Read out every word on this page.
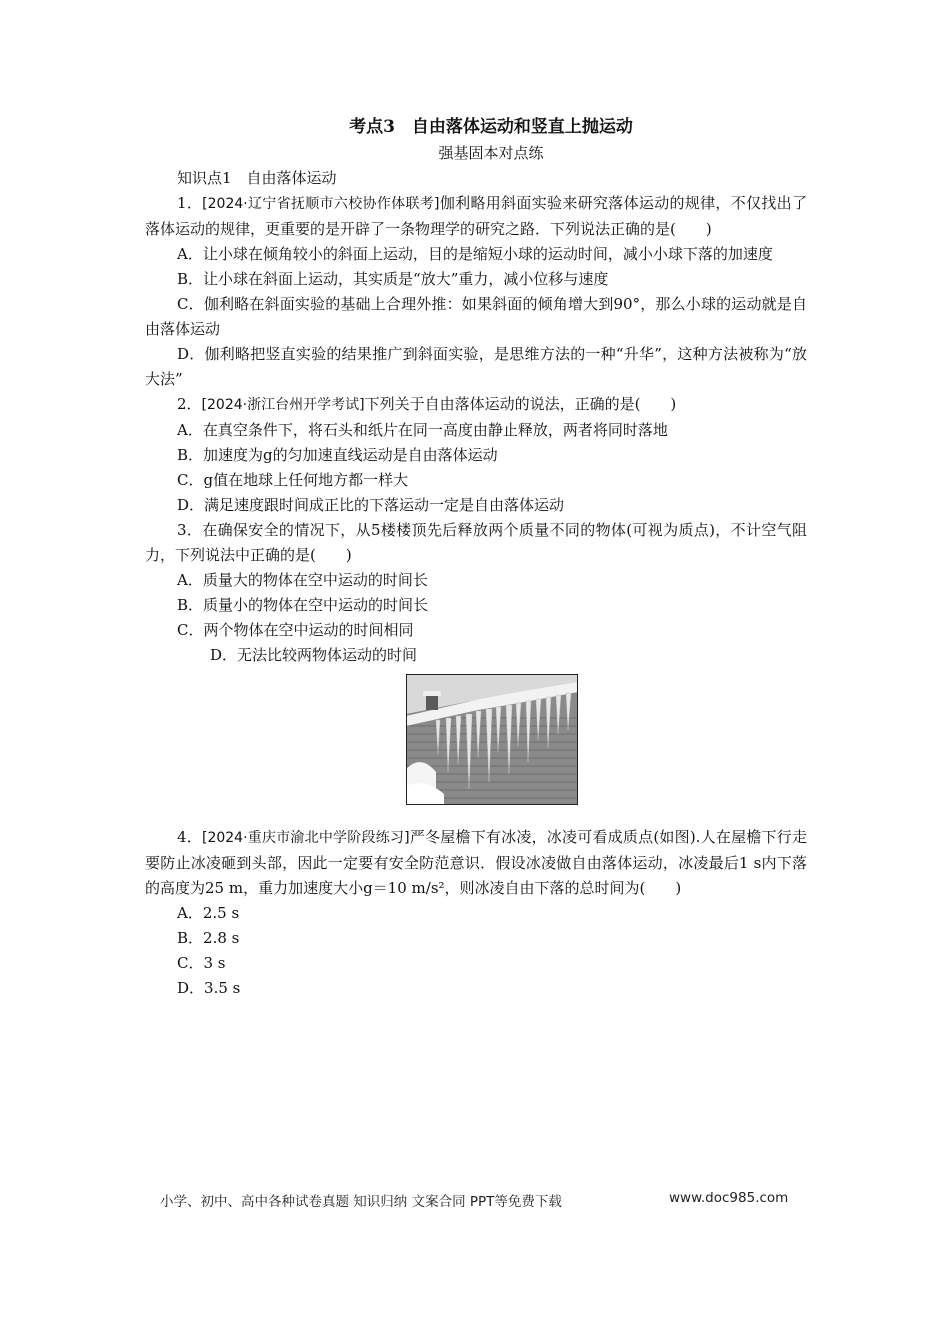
考点3　自由落体运动和竖直上抛运动
强基固本对点练
知识点1　自由落体运动

1．[2024·辽宁省抚顺市六校协作体联考]伽利略用斜面实验来研究落体运动的规律，不仅找出了落体运动的规律，更重要的是开辟了一条物理学的研究之路．下列说法正确的是(　　)

A．让小球在倾角较小的斜面上运动，目的是缩短小球的运动时间，减小小球下落的加速度

B．让小球在斜面上运动，其实质是“放大”重力，减小位移与速度

C．伽利略在斜面实验的基础上合理外推：如果斜面的倾角增大到90°，那么小球的运动就是自由落体运动

D．伽利略把竖直实验的结果推广到斜面实验，是思维方法的一种“升华”，这种方法被称为“放大法”

2．[2024·浙江台州开学考试]下列关于自由落体运动的说法，正确的是(　　)

A．在真空条件下，将石头和纸片在同一高度由静止释放，两者将同时落地

B．加速度为g的匀加速直线运动是自由落体运动

C．g值在地球上任何地方都一样大

D．满足速度跟时间成正比的下落运动一定是自由落体运动

3．在确保安全的情况下，从5楼楼顶先后释放两个质量不同的物体(可视为质点)，不计空气阻力，下列说法中正确的是(　　)

A．质量大的物体在空中运动的时间长

B．质量小的物体在空中运动的时间长

C．两个物体在空中运动的时间相同

D．无法比较两物体运动的时间

4．[2024·重庆市渝北中学阶段练习]严冬屋檐下有冰凌，冰凌可看成质点(如图).人在屋檐下行走要防止冰凌砸到头部，因此一定要有安全防范意识．假设冰凌做自由落体运动，冰凌最后1 s内下落的高度为25 m，重力加速度大小g＝10 m/s²，则冰凌自由下落的总时间为(　　)

A．2.5 s

B．2.8 s

C．3 s

D．3.5 s

小学、初中、高中各种试卷真题 知识归纳 文案合同 PPT等免费下载	www.doc985.com
